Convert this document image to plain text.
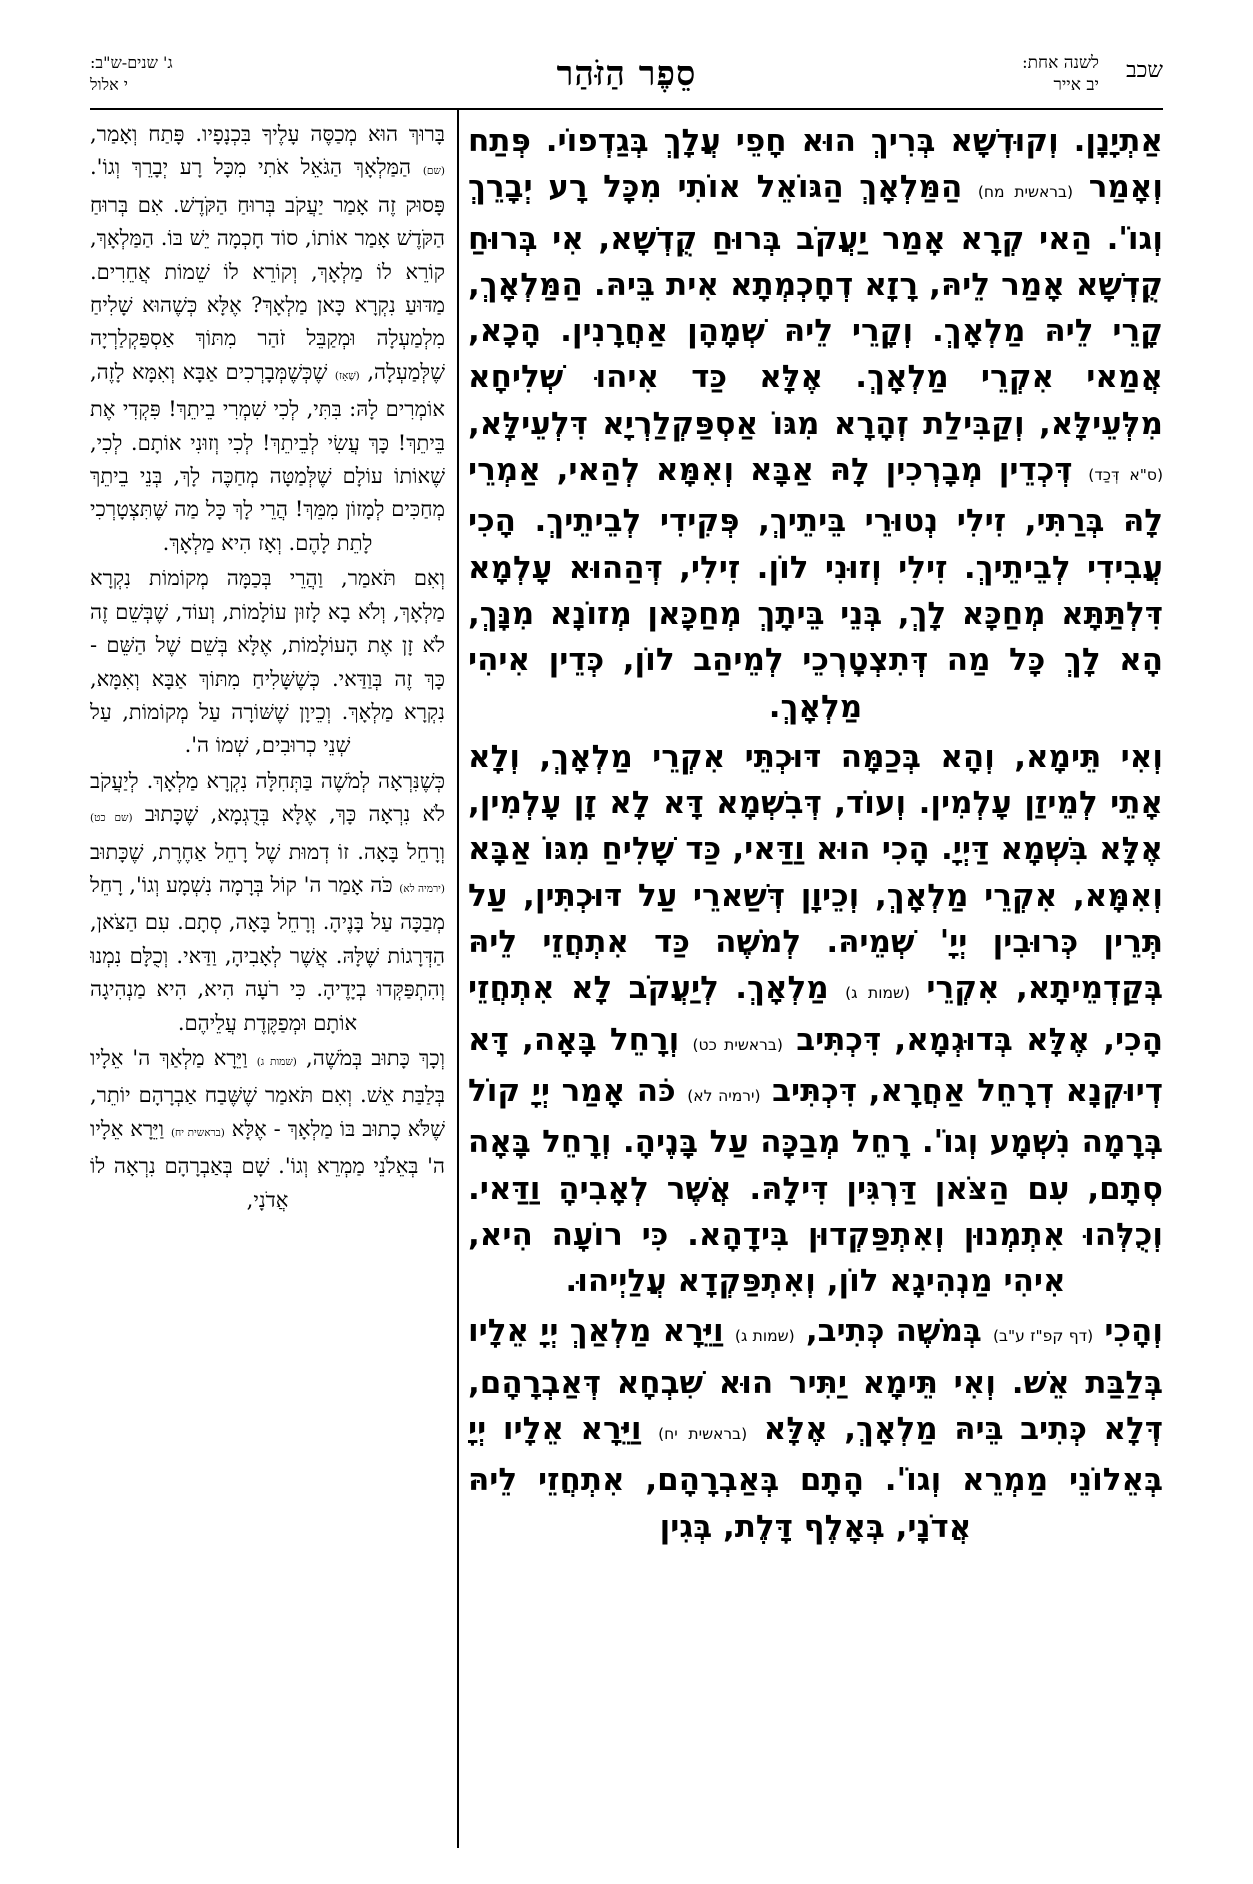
שכב
לשנה אחת:
יב אייר
סֵפֶר הַזֹּהַר
ג' שנים-ש"ב:
י אלול

אַתְיָנָן. וְקוּדְשָׁא בְּרִיךְ הוּא חָפֵי עֲלָךְ בְּגַדְפוֹי. פְּתַח וְאָמַר (בראשית מח) הַמַּלְאָךְ הַגּוֹאֵל אוֹתִי מִכָּל רָע יְבָרֵךְ וְגוֹ'. הַאי קְרָא אָמַר יַעֲקֹב בְּרוּחַ קֻדְשָׁא, אִי בְּרוּחַ קֻדְשָׁא אָמַר לֵיהּ, רָזָא דְחָכְמְתָא אִית בֵּיהּ. הַמַּלְאָךְ, קָרֵי לֵיהּ מַלְאָךְ. וְקָרֵי לֵיהּ שְׁמָהָן אַחֲרָנִין. הָכָא, אֲמַאי אִקְרֵי מַלְאָךְ. אֶלָּא כַּד אִיהוּ שְׁלִיחָא מִלְּעֵילָּא, וְקַבִּילַת זְהָרָא מִגּוֹ אַסְפַּקְלַרְיָא דִּלְעֵילָּא, (ס"א דְּכַד) דְּכְדֵין מְבָרְכִין לָהּ אַבָּא וְאִמָּא לְהַאי, אַמְרֵי לָהּ בְּרַתִּי, זִילִי נְטוּרֵי בֵּיתֵיךְ, פְּקִידִי לְבֵיתֵיךְ. הָכִי עֲבִידִי לְבֵיתֵיךְ. זִילִי וְזוּנִי לוֹן. זִילִי, דְּהַהוּא עָלְמָא דִּלְתַּתָּא מְחַכָּא לָךְ, בְּנֵי בֵּיתָךְ מְחַכָּאן מְזוֹנָא מִנָּךְ, הָא לָךְ כָּל מַה דְּתִצְטָרְכֵי לְמֵיהַב לוֹן, כְּדֵין אִיהִי מַלְאָךְ.

וְאִי תֵּימָא, וְהָא בְּכַמָּה דּוּכְתֵּי אִקְרֵי מַלְאָךְ, וְלָא אָתֵי לְמֵיזַן עָלְמִין. וְעוֹד, דְּבִשְׁמָא דָּא לָא זָן עָלְמִין, אֶלָּא בִּשְׁמָא דַּיְיָ. הָכִי הוּא וַדַּאי, כַּד שָׁלִיחַ מִגּוֹ אַבָּא וְאִמָּא, אִקְרֵי מַלְאָךְ, וְכֵיוָן דְּשַׁארֵי עַל דּוּכְתִּין, עַל תְּרֵין כְּרוּבִין יְיָ' שְׁמֵיהּ. לְמֹשֶׁה כַּד אִתְחֲזֵי לֵיהּ בְּקַדְמֵיתָא, אִקְרֵי (שמות ג) מַלְאָךְ. לְיַעֲקֹב לָא אִתְחֲזֵי הָכִי, אֶלָּא בְּדוּגְמָא, דִּכְתִּיב (בראשית כט) וְרָחֵל בָּאָה, דָּא דְיוּקְנָא דְרָחֵל אַחֲרָא, דִּכְתִּיב (ירמיה לא) כֹּה אָמַר יְיָ קוֹל בְּרָמָה נִשְׁמָע וְגוֹ'. רָחֵל מְבַכָּה עַל בָּנֶיהָ. וְרָחֵל בָּאָה סְתָם, עִם הַצֹּאן דַּרְגִּין דִּילָהּ. אֲשֶׁר לְאָבִיהָ וַדַּאי. וְכֻלְּהוּ אִתְמְנוּן וְאִתְפַּקְדוּן בִּידָהָא. כִּי רוֹעָה הִיא, אִיהִי מַנְהִיגָא לוֹן, וְאִתְפַּקְדָא עֲלַיְיהוּ.

וְהָכִי (דף קפ"ז ע"ב) בְּמֹשֶׁה כְּתִיב, (שמות ג) וַיֵּרָא מַלְאַךְ יְיָ אֵלָיו בְּלַבַּת אֵשׁ. וְאִי תֵּימָא יַתִּיר הוּא שִׁבְחָא דְּאַבְרָהָם, דְּלָא כְּתִיב בֵּיהּ מַלְאָךְ, אֶלָּא (בראשית יח) וַיֵּרָא אֵלָיו יְיָ בְּאֵלוֹנֵי מַמְרֵא וְגוֹ'. הָתָם בְּאַבְרָהָם, אִתְחֲזֵי לֵיהּ אֲדֹנָי, בְּאָלֶף דָּלֶת, בְּגִין

בָּרוּךְ הוּא מְכַסֶּה עָלֶיךָ בִּכְנָפָיו. פָּתַח וְאָמַר, (שם) הַמַּלְאָךְ הַגֹּאֵל אֹתִי מִכָּל רָע יְבָרֵךְ וְגוֹ'. פָּסוּק זֶה אָמַר יַעֲקֹב בְּרוּחַ הַקֹּדֶשׁ. אִם בְּרוּחַ הַקֹּדֶשׁ אָמַר אוֹתוֹ, סוֹד חָכְמָה יֵשׁ בּוֹ. הַמַּלְאָךְ, קוֹרֵא לוֹ מַלְאָךְ, וְקוֹרֵא לוֹ שֵׁמוֹת אֲחֵרִים. מַדּוּעַ נִקְרָא כָּאן מַלְאָךְ? אֶלָּא כְּשֶׁהוּא שָׁלִיחַ מִלְמַעְלָה וּמְקַבֵּל זֹהַר מִתּוֹךְ אַסְפַּקְלַרְיָה שֶׁלְּמַעְלָה, (שֶׁאָז) שֶׁכְּשֶׁמְּבָרְכִים אַבָּא וְאִמָּא לָזֶה, אוֹמְרִים לָהּ: בִּתִּי, לְכִי שִׁמְרִי בֵיתֵךְ! פִּקְדִי אֶת בֵּיתֵךְ! כָּךְ עֲשִׂי לְבֵיתֵךְ! לְכִי וְזוּנִי אוֹתָם. לְכִי, שֶׁאוֹתוֹ עוֹלָם שֶׁלְּמַטָּה מְחַכֶּה לָךְ, בְּנֵי בֵיתֵךְ מְחַכִּים לְמָזוֹן מִמֵּךְ! הֲרֵי לָךְ כָּל מַה שֶּׁתִּצְטָרְכִי לָתֵת לָהֶם. וְאָז הִיא מַלְאָךְ.

וְאִם תֹּאמַר, וַהֲרֵי בְּכַמָּה מְקוֹמוֹת נִקְרָא מַלְאָךְ, וְלֹא בָא לָזוּן עוֹלָמוֹת, וְעוֹד, שֶׁבְּשֵׁם זֶה לֹא זָן אֶת הָעוֹלָמוֹת, אֶלָּא בְּשֵׁם שֶׁל הַשֵּׁם - כָּךְ זֶה בְּוַדַּאי. כְּשֶׁשָּׁלִיחַ מִתּוֹךְ אַבָּא וְאִמָּא, נִקְרָא מַלְאָךְ. וְכֵיוָן שֶׁשּׁוֹרָה עַל מְקוֹמוֹת, עַל שְׁנֵי כְרוּבִים, שְׁמוֹ ה'.

כְּשֶׁנִּרְאָה לְמֹשֶׁה בַּתְּחִלָּה נִקְרָא מַלְאָךְ. לְיַעֲקֹב לֹא נִרְאָה כָּךְ, אֶלָּא בְּדֻגְמָא, שֶׁכָּתוּב (שם כט) וְרָחֵל בָּאָה. זוֹ דְמוּת שֶׁל רָחֵל אַחֶרֶת, שֶׁכָּתוּב (ירמיה לא) כֹּה אָמַר ה' קוֹל בְּרָמָה נִשְׁמָע וְגוֹ', רָחֵל מְבַכָּה עַל בָּנֶיהָ. וְרָחֵל בָּאָה, סְתָם. עִם הַצֹּאן, הַדְּרָגוֹת שֶׁלָּהּ. אֲשֶׁר לְאָבִיהָ, וַדַּאי. וְכֻלָּם נִמְנוּ וְהִתְפַּקְּדוּ בְיָדֶיהָ. כִּי רֹעָה הִיא, הִיא מַנְהִיגָה אוֹתָם וּמְפַקֶּדֶת עֲלֵיהֶם.

וְכָךְ כָּתוּב בְּמֹשֶׁה, (שמות ג) וַיֵּרָא מַלְאַךְ ה' אֵלָיו בְּלַבַּת אֵשׁ. וְאִם תֹּאמַר שֶׁשֶּׁבַח אַבְרָהָם יוֹתֵר, שֶׁלֹּא כָתוּב בּוֹ מַלְאָךְ - אֶלָּא (בראשית יח) וַיֵּרָא אֵלָיו ה' בְּאֵלֹנֵי מַמְרֵא וְגוֹ'. שָׁם בְּאַבְרָהָם נִרְאָה לוֹ אֲדֹנָי,
